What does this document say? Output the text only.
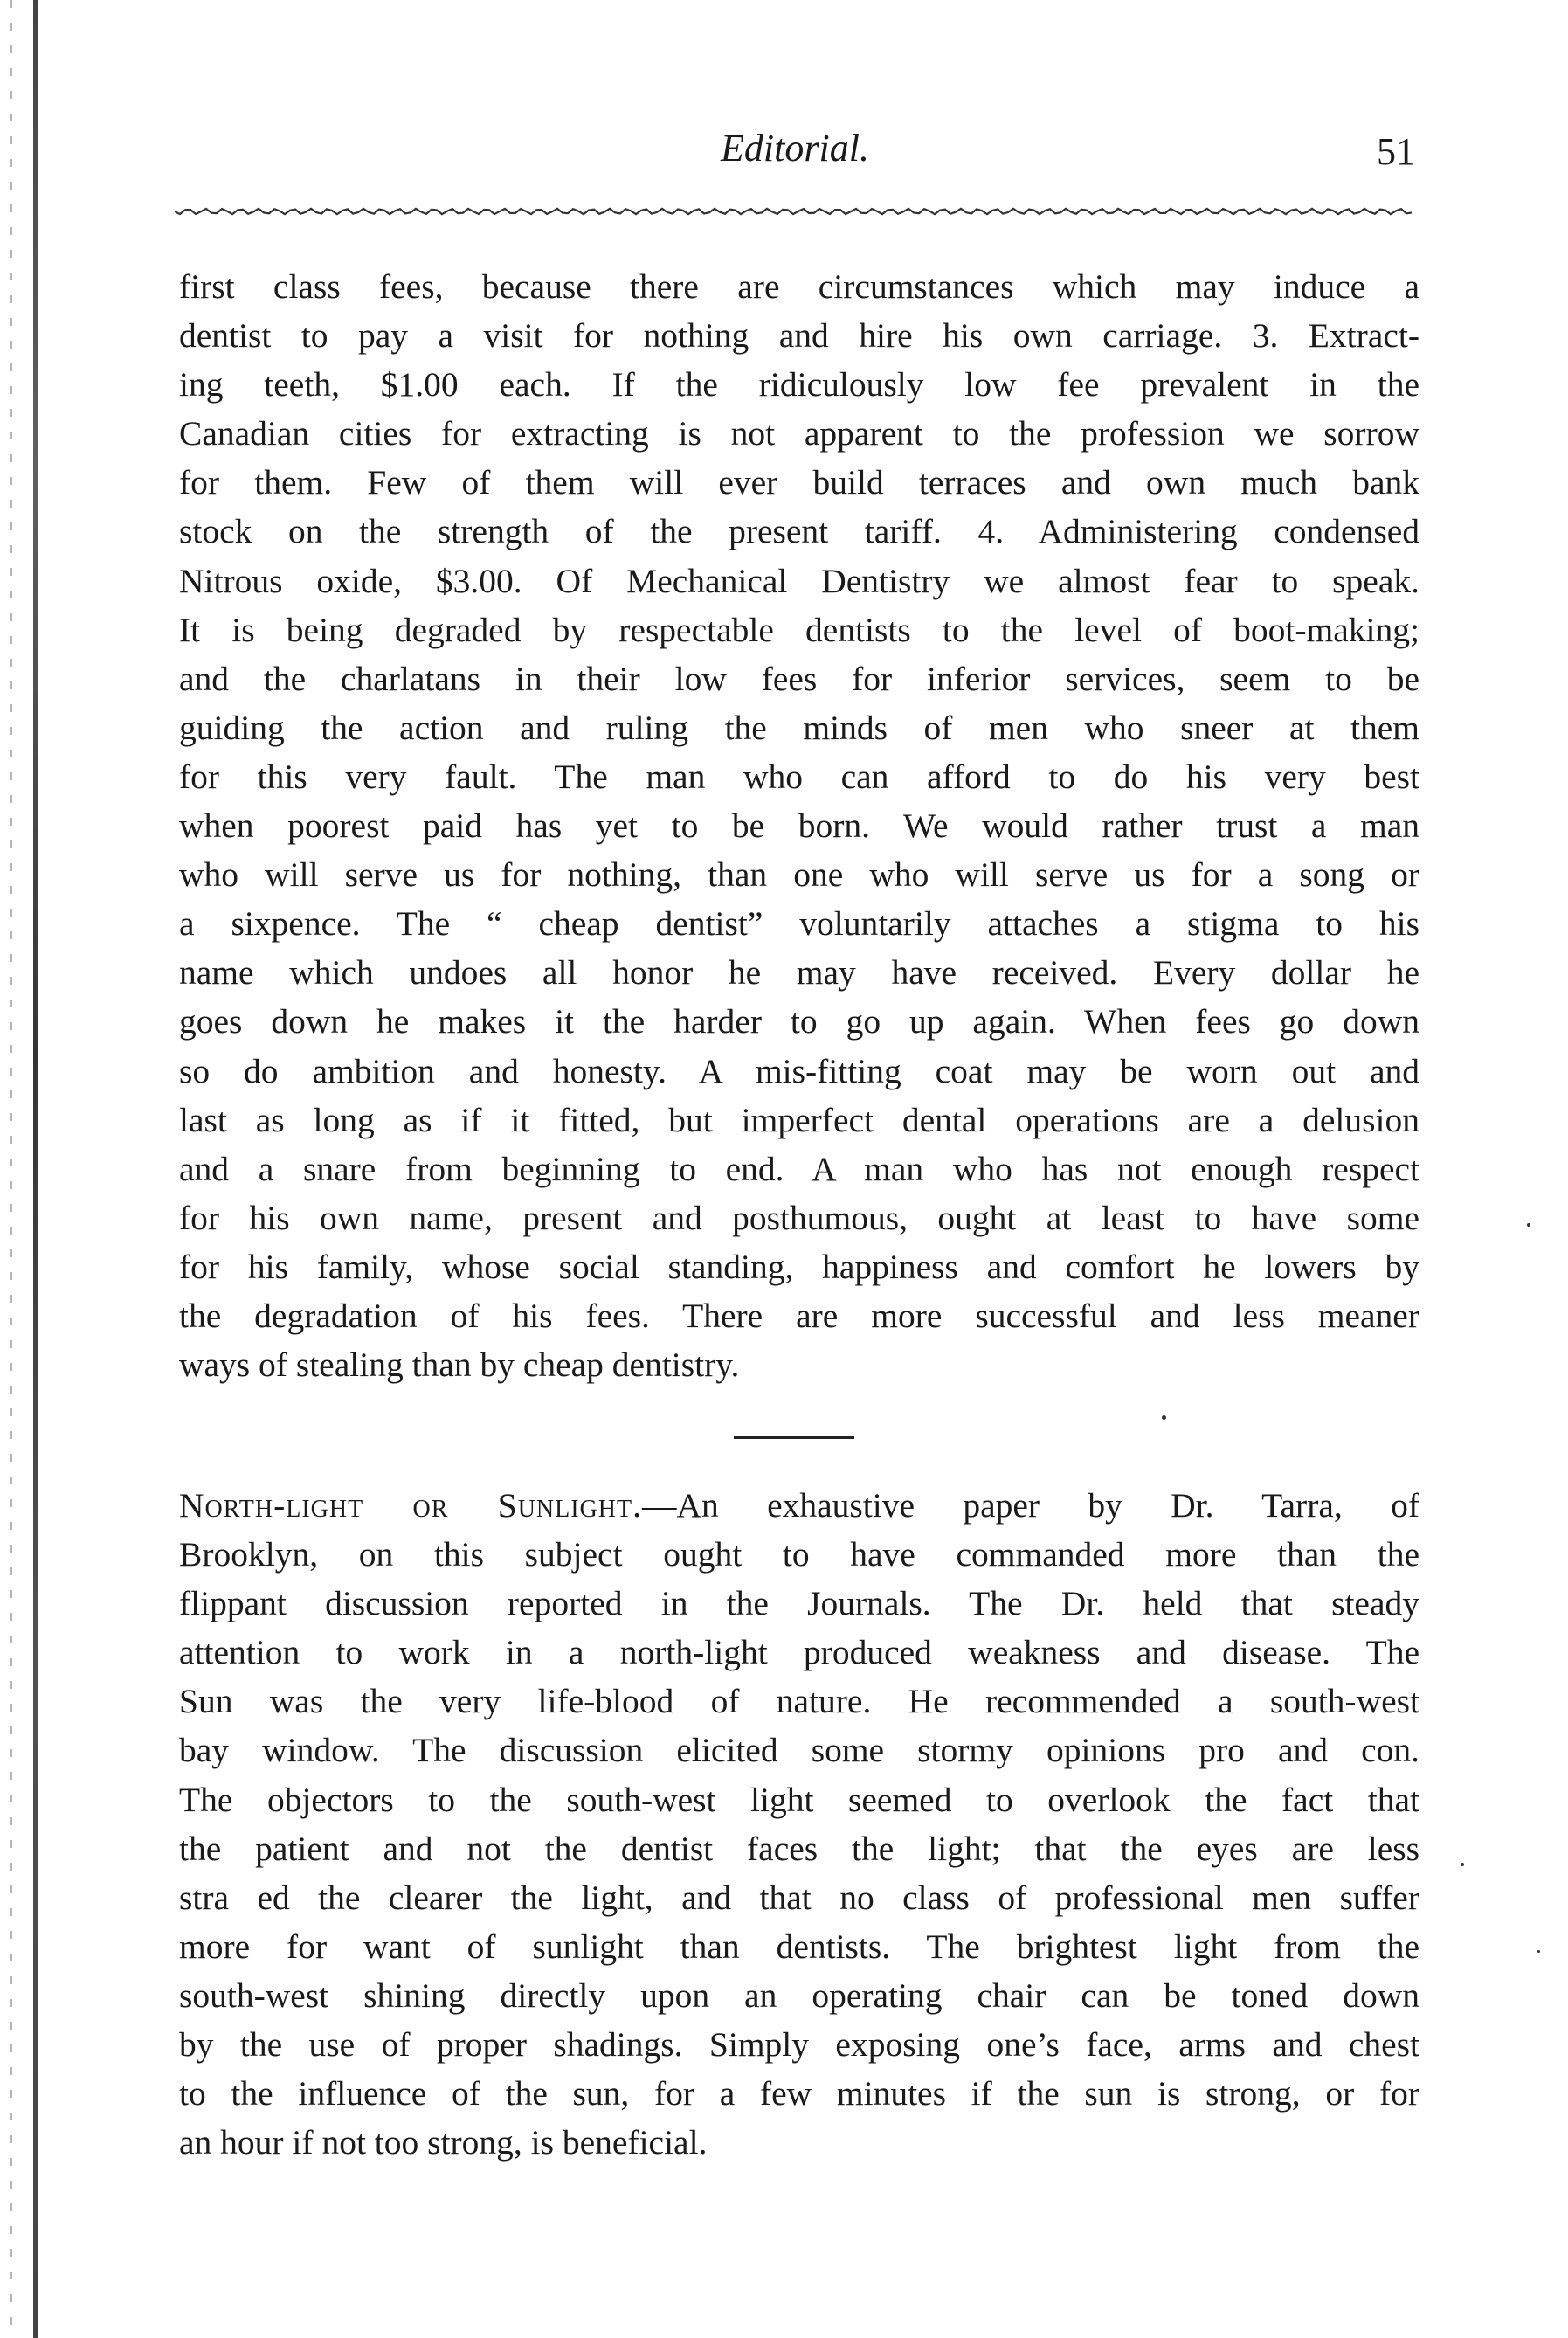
Editorial.	51
first class fees, because there are circumstances which may induce a
dentist to pay a visit for nothing and hire his own carriage. 3. Extract-
ing teeth, $1.00 each. If the ridiculously low fee prevalent in the
Canadian cities for extracting is not apparent to the profession we sorrow
for them. Few of them will ever build terraces and own much bank
stock on the strength of the present tariff. 4. Administering condensed
Nitrous oxide, $3.00. Of Mechanical Dentistry we almost fear to speak.
It is being degraded by respectable dentists to the level of boot-making;
and the charlatans in their low fees for inferior services, seem to be
guiding the action and ruling the minds of men who sneer at them
for this very fault. The man who can afford to do his very best
when poorest paid has yet to be born. We would rather trust a man
who will serve us for nothing, than one who will serve us for a song or
a sixpence. The “ cheap dentist” voluntarily attaches a stigma to his
name which undoes all honor he may have received. Every dollar he
goes down he makes it the harder to go up again. When fees go down
so do ambition and honesty. A mis-fitting coat may be worn out and
last as long as if it fitted, but imperfect dental operations are a delusion
and a snare from beginning to end. A man who has not enough respect
for his own name, present and posthumous, ought at least to have some
for his family, whose social standing, happiness and comfort he lowers by
the degradation of his fees. There are more successful and less meaner
ways of stealing than by cheap dentistry.
North-light or Sunlight.—An exhaustive paper by Dr. Tarra, of
Brooklyn, on this subject ought to have commanded more than the
flippant discussion reported in the Journals. The Dr. held that steady
attention to work in a north-light produced weakness and disease. The
Sun was the very life-blood of nature. He recommended a south-west
bay window. The discussion elicited some stormy opinions pro and con.
The objectors to the south-west light seemed to overlook the fact that
the patient and not the dentist faces the light; that the eyes are less
stra ed the clearer the light, and that no class of professional men suffer
more for want of sunlight than dentists. The brightest light from the
south-west shining directly upon an operating chair can be toned down
by the use of proper shadings. Simply exposing one’s face, arms and chest
to the influence of the sun, for a few minutes if the sun is strong, or for
an hour if not too strong, is beneficial.
